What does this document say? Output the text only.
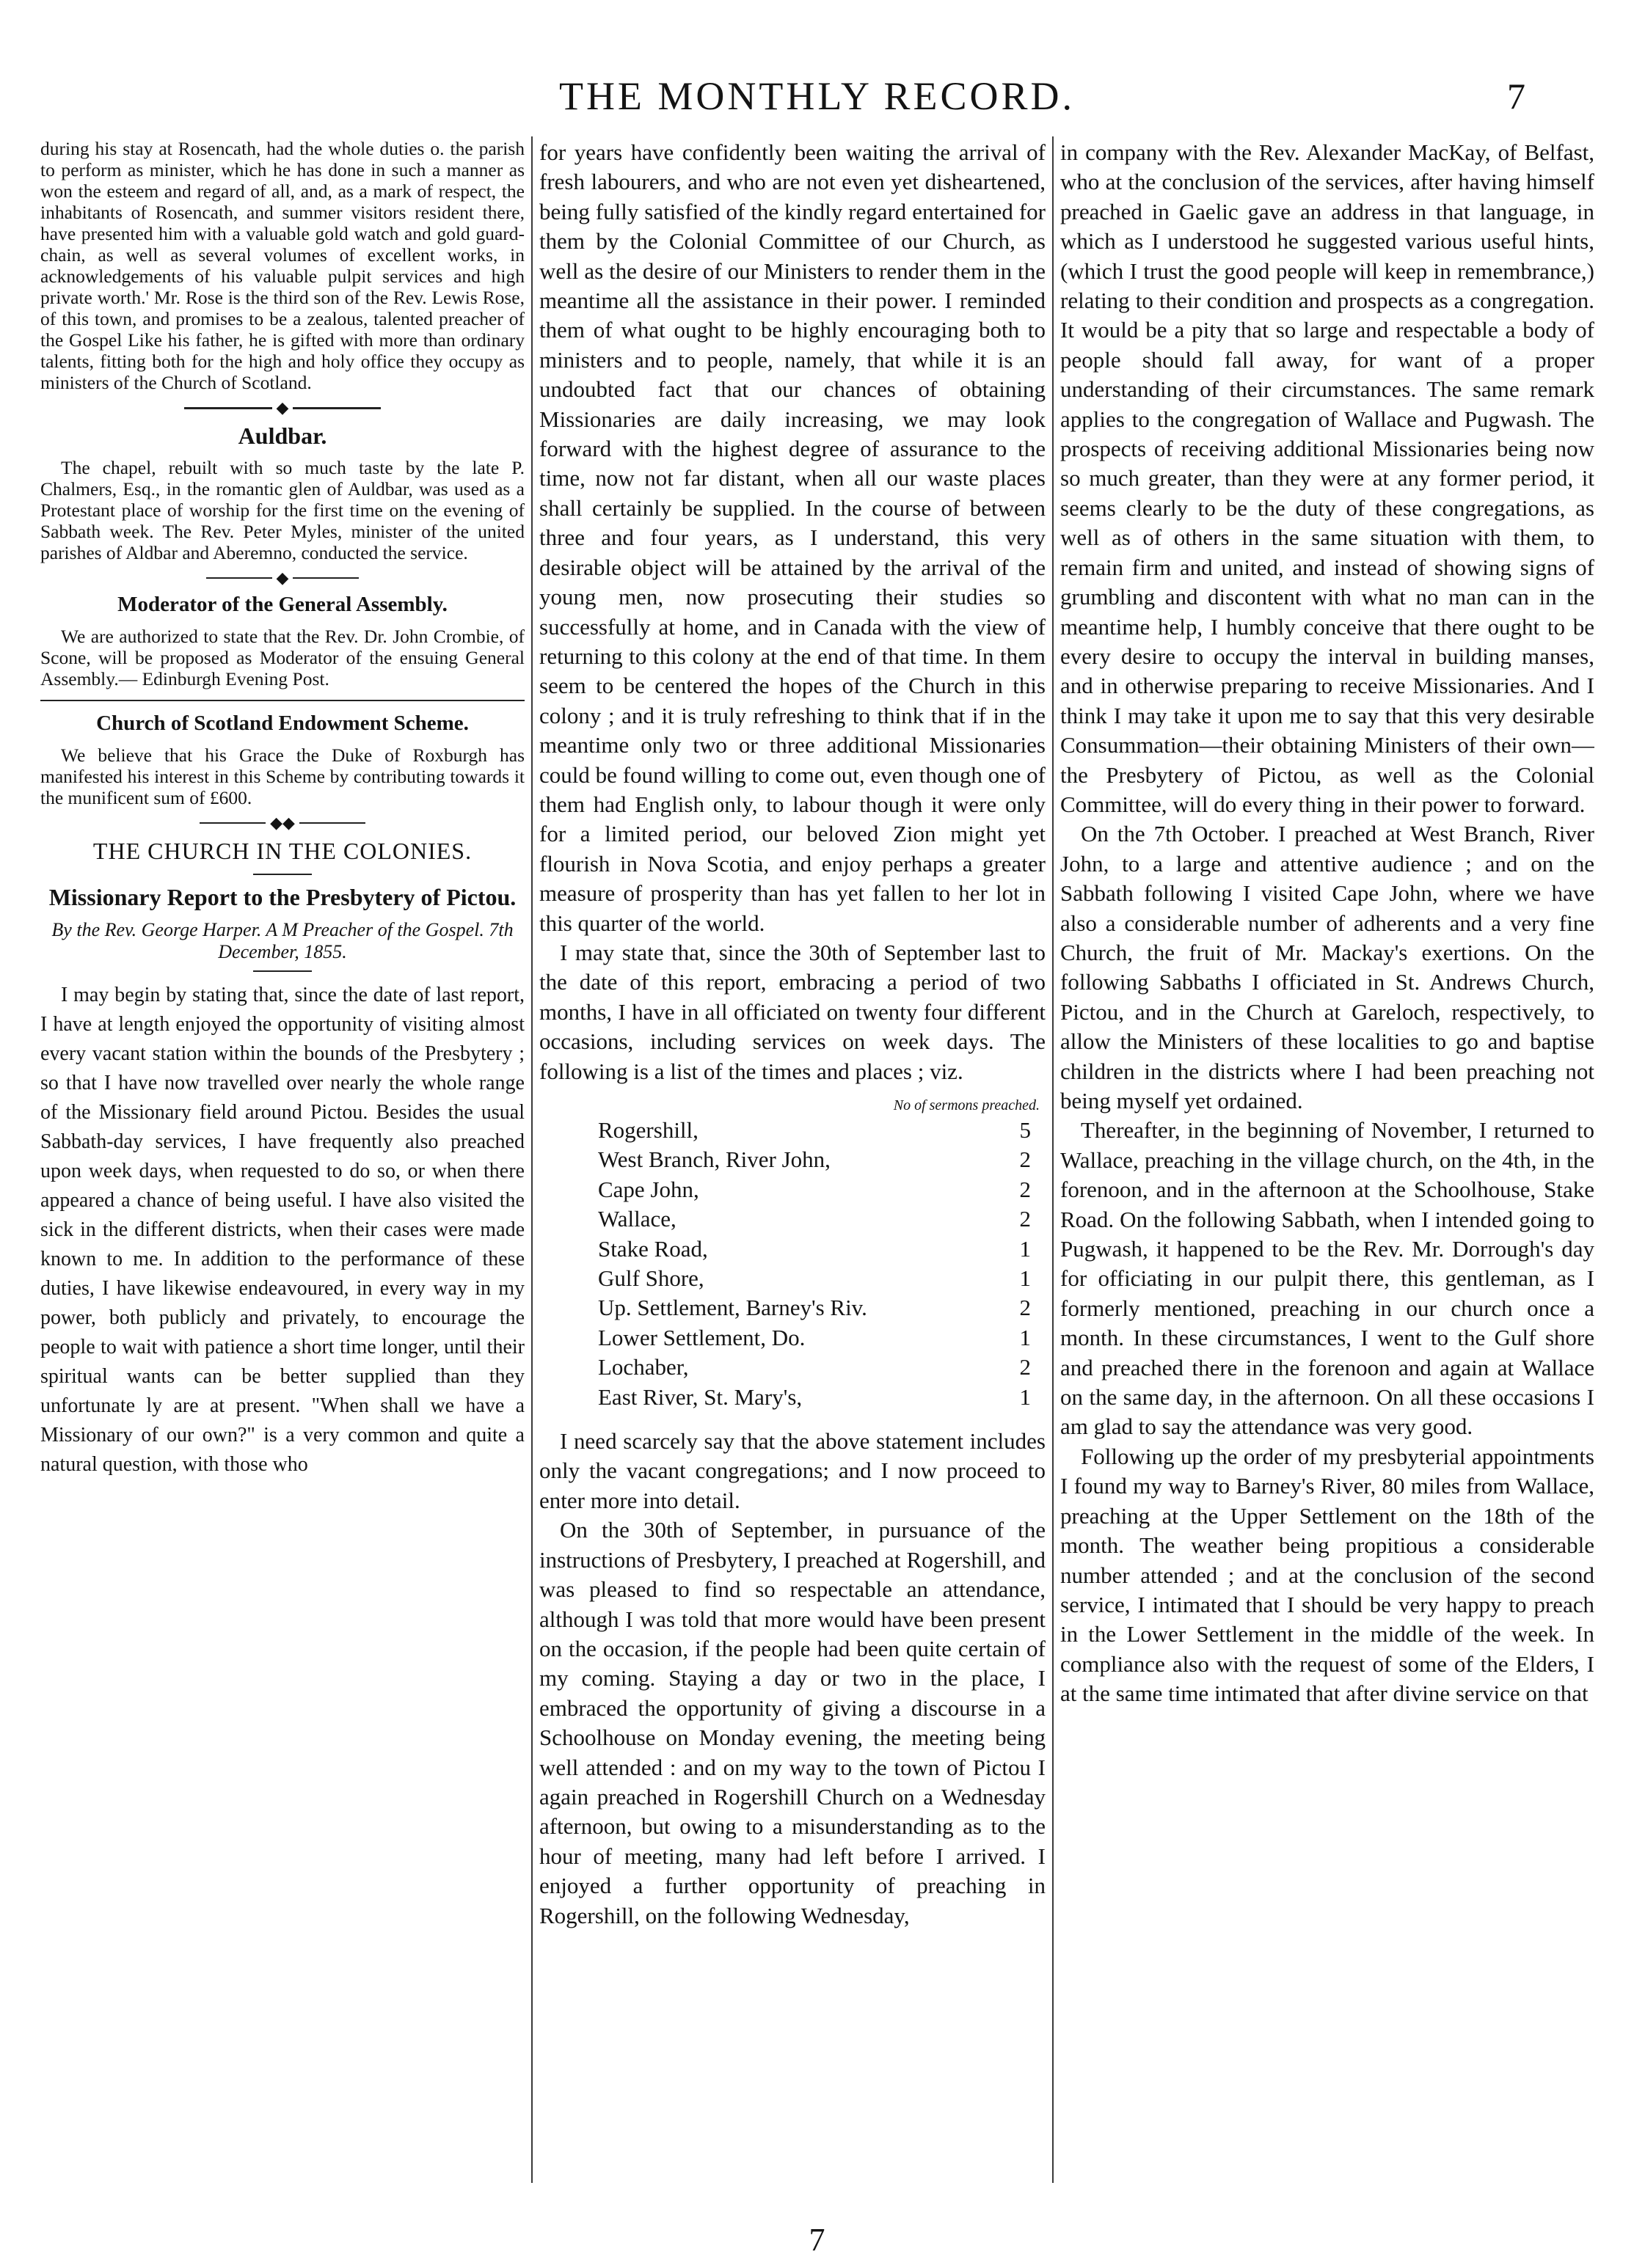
THE MONTHLY RECORD.	7

during his stay at Rosencath, had the whole duties o. the parish to perform as minister, which he has done in such a manner as won the esteem and regard of all, and, as a mark of respect, the inhabitants of Rosencath, and summer visitors resident there, have presented him with a valuable gold watch and gold guard-chain, as well as several volumes of excellent works, in acknowledgements of his valuable pulpit services and high private worth.' Mr. Rose is the third son of the Rev. Lewis Rose, of this town, and promises to be a zealous, talented preacher of the Gospel Like his father, he is gifted with more than ordinary talents, fitting both for the high and holy office they occupy as ministers of the Church of Scotland.

◆
Auldbar.

The chapel, rebuilt with so much taste by the late P. Chalmers, Esq., in the romantic glen of Auldbar, was used as a Protestant place of worship for the first time on the evening of Sabbath week. The Rev. Peter Myles, minister of the united parishes of Aldbar and Aberemno, conducted the service.

◆
Moderator of the General Assembly.

We are authorized to state that the Rev. Dr. John Crombie, of Scone, will be proposed as Moderator of the ensuing General Assembly.— Edinburgh Evening Post.

Church of Scotland Endowment Scheme.

We believe that his Grace the Duke of Roxburgh has manifested his interest in this Scheme by contributing towards it the munificent sum of £600.

◆◆
THE CHURCH IN THE COLONIES.
Missionary Report to the Presbytery of Pictou.
By the Rev. George Harper. A M Preacher of the Gospel. 7th December, 1855.

I may begin by stating that, since the date of last report, I have at length enjoyed the opportunity of visiting almost every vacant station within the bounds of the Presbytery ; so that I have now travelled over nearly the whole range of the Missionary field around Pictou. Besides the usual Sabbath-day services, I have frequently also preached upon week days, when requested to do so, or when there appeared a chance of being useful. I have also visited the sick in the different districts, when their cases were made known to me. In addition to the performance of these duties, I have likewise endeavoured, in every way in my power, both publicly and privately, to encourage the people to wait with patience a short time longer, until their spiritual wants can be better supplied than they unfortunate ly are at present. "When shall we have a Missionary of our own?" is a very common and quite a natural question, with those who

for years have confidently been waiting the arrival of fresh labourers, and who are not even yet disheartened, being fully satisfied of the kindly regard entertained for them by the Colonial Committee of our Church, as well as the desire of our Ministers to render them in the meantime all the assistance in their power. I reminded them of what ought to be highly encouraging both to ministers and to people, namely, that while it is an undoubted fact that our chances of obtaining Missionaries are daily increasing, we may look forward with the highest degree of assurance to the time, now not far distant, when all our waste places shall certainly be supplied. In the course of between three and four years, as I understand, this very desirable object will be attained by the arrival of the young men, now prosecuting their studies so successfully at home, and in Canada with the view of returning to this colony at the end of that time. In them seem to be centered the hopes of the Church in this colony ; and it is truly refreshing to think that if in the meantime only two or three additional Missionaries could be found willing to come out, even though one of them had English only, to labour though it were only for a limited period, our beloved Zion might yet flourish in Nova Scotia, and enjoy perhaps a greater measure of prosperity than has yet fallen to her lot in this quarter of the world.

I may state that, since the 30th of September last to the date of this report, embracing a period of two months, I have in all officiated on twenty four different occasions, including services on week days. The following is a list of the times and places ; viz.

No of sermons preached.
Rogershill,	5
West Branch, River John,	2
Cape John,	2
Wallace,	2
Stake Road,	1
Gulf Shore,	1
Up. Settlement, Barney's Riv.	2
Lower Settlement, Do.	1
Lochaber,	2
East River, St. Mary's,	1

I need scarcely say that the above statement includes only the vacant congregations; and I now proceed to enter more into detail.

On the 30th of September, in pursuance of the instructions of Presbytery, I preached at Rogershill, and was pleased to find so respectable an attendance, although I was told that more would have been present on the occasion, if the people had been quite certain of my coming. Staying a day or two in the place, I embraced the opportunity of giving a discourse in a Schoolhouse on Monday evening, the meeting being well attended : and on my way to the town of Pictou I again preached in Rogershill Church on a Wednesday afternoon, but owing to a misunderstanding as to the hour of meeting, many had left before I arrived. I enjoyed a further opportunity of preaching in Rogershill, on the following Wednesday,

in company with the Rev. Alexander MacKay, of Belfast, who at the conclusion of the services, after having himself preached in Gaelic gave an address in that language, in which as I understood he suggested various useful hints, (which I trust the good people will keep in remembrance,) relating to their condition and prospects as a congregation. It would be a pity that so large and respectable a body of people should fall away, for want of a proper understanding of their circumstances. The same remark applies to the congregation of Wallace and Pugwash. The prospects of receiving additional Missionaries being now so much greater, than they were at any former period, it seems clearly to be the duty of these congregations, as well as of others in the same situation with them, to remain firm and united, and instead of showing signs of grumbling and discontent with what no man can in the meantime help, I humbly conceive that there ought to be every desire to occupy the interval in building manses, and in otherwise preparing to receive Missionaries. And I think I may take it upon me to say that this very desirable Consummation—their obtaining Ministers of their own—the Presbytery of Pictou, as well as the Colonial Committee, will do every thing in their power to forward.

On the 7th October. I preached at West Branch, River John, to a large and attentive audience ; and on the Sabbath following I visited Cape John, where we have also a considerable number of adherents and a very fine Church, the fruit of Mr. Mackay's exertions. On the following Sabbaths I officiated in St. Andrews Church, Pictou, and in the Church at Gareloch, respectively, to allow the Ministers of these localities to go and baptise children in the districts where I had been preaching not being myself yet ordained.

Thereafter, in the beginning of November, I returned to Wallace, preaching in the village church, on the 4th, in the forenoon, and in the afternoon at the Schoolhouse, Stake Road. On the following Sabbath, when I intended going to Pugwash, it happened to be the Rev. Mr. Dorrough's day for officiating in our pulpit there, this gentleman, as I formerly mentioned, preaching in our church once a month. In these circumstances, I went to the Gulf shore and preached there in the forenoon and again at Wallace on the same day, in the afternoon. On all these occasions I am glad to say the attendance was very good.

Following up the order of my presbyterial appointments I found my way to Barney's River, 80 miles from Wallace, preaching at the Upper Settlement on the 18th of the month. The weather being propitious a considerable number attended ; and at the conclusion of the second service, I intimated that I should be very happy to preach in the Lower Settlement in the middle of the week. In compliance also with the request of some of the Elders, I at the same time intimated that after divine service on that

7
